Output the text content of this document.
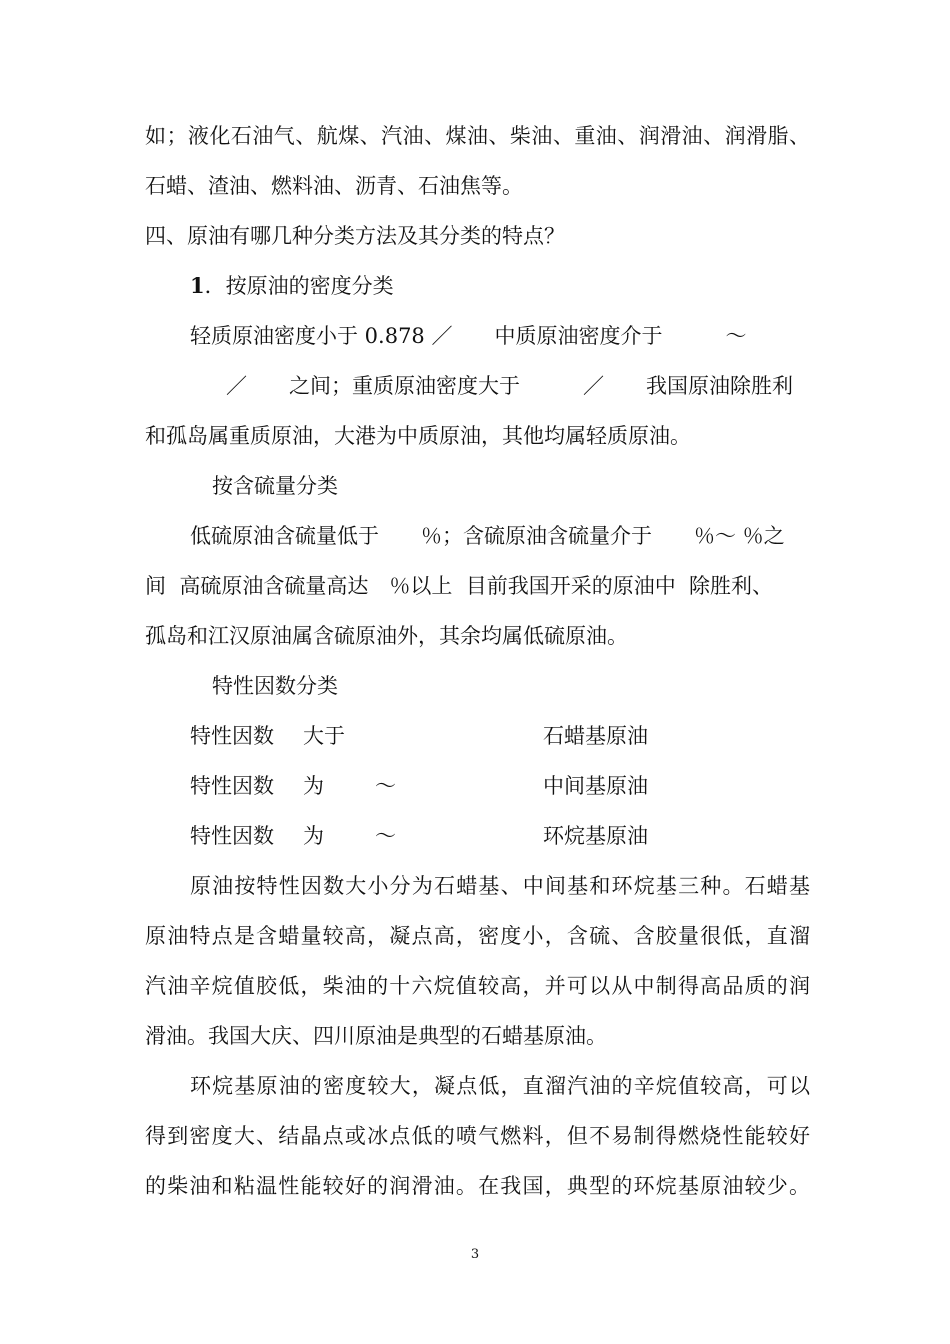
如；液化石油气、航煤、汽油、煤油、柴油、重油、润滑油、润滑脂、

石蜡、渣油、燃料油、沥青、石油焦等。

四、原油有哪几种分类方法及其分类的特点？

1．按原油的密度分类

轻质原油密度小于 0.878 ／　　中质原油密度介于　　　～

　／　　之间；重质原油密度大于　　　／　　我国原油除胜利

和孤岛属重质原油，大港为中质原油，其他均属轻质原油。

按含硫量分类

低硫原油含硫量低于　　％；含硫原油含硫量介于　　％～ ％之

间  高硫原油含硫量高达　％以上  目前我国开采的原油中  除胜利、

孤岛和江汉原油属含硫原油外，其余均属低硫原油。

特性因数分类

特性因数 大于	石蜡基原油

特性因数 为 ～	中间基原油

特性因数 为 ～	环烷基原油

原油按特性因数大小分为石蜡基、中间基和环烷基三种。石蜡基

原油特点是含蜡量较高，凝点高，密度小，含硫、含胶量很低，直溜

汽油辛烷值胶低，柴油的十六烷值较高，并可以从中制得高品质的润

滑油。我国大庆、四川原油是典型的石蜡基原油。

环烷基原油的密度较大，凝点低，直溜汽油的辛烷值较高，可以

得到密度大、结晶点或冰点低的喷气燃料，但不易制得燃烧性能较好

的柴油和粘温性能较好的润滑油。在我国，典型的环烷基原油较少。

3
